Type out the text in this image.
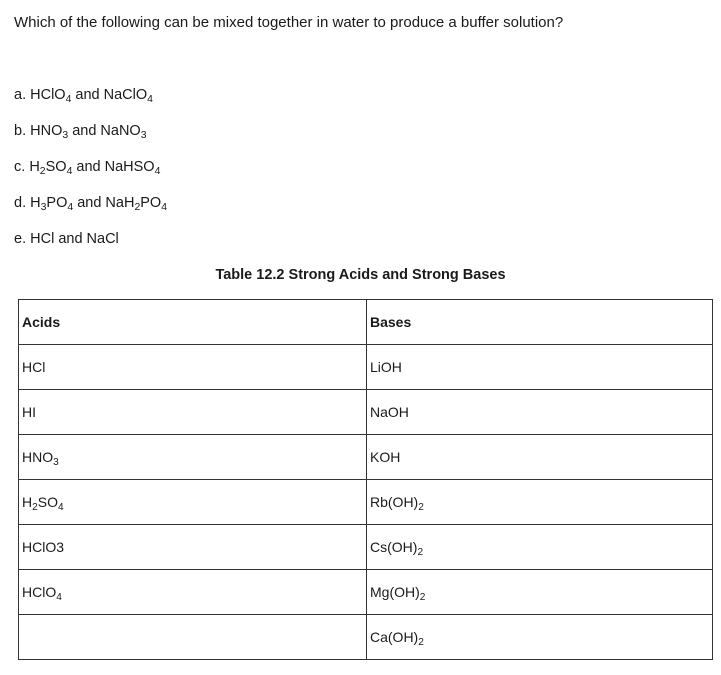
Which of the following can be mixed together in water to produce a buffer solution?
a. HClO$_4$ and NaClO$_4$
b. $HNO_3$ and NaNO$_3$
c. $H_2SO_4$ and NaHSO$_4$
d. $H_3PO_4$ and $NaH_2PO_4$
e. HCl and NaCl
Table 12.2 Strong Acids and Strong Bases
Acids	Bases
HCl	LiOH
HI	NaOH
$HNO_3$	KOH
$H_2SO_4$	$Rb(OH)_2$
HClO3	$Cs(OH)_2$
HClO$_4$	$Mg(OH)_2$
	$Ca(OH)_2$
